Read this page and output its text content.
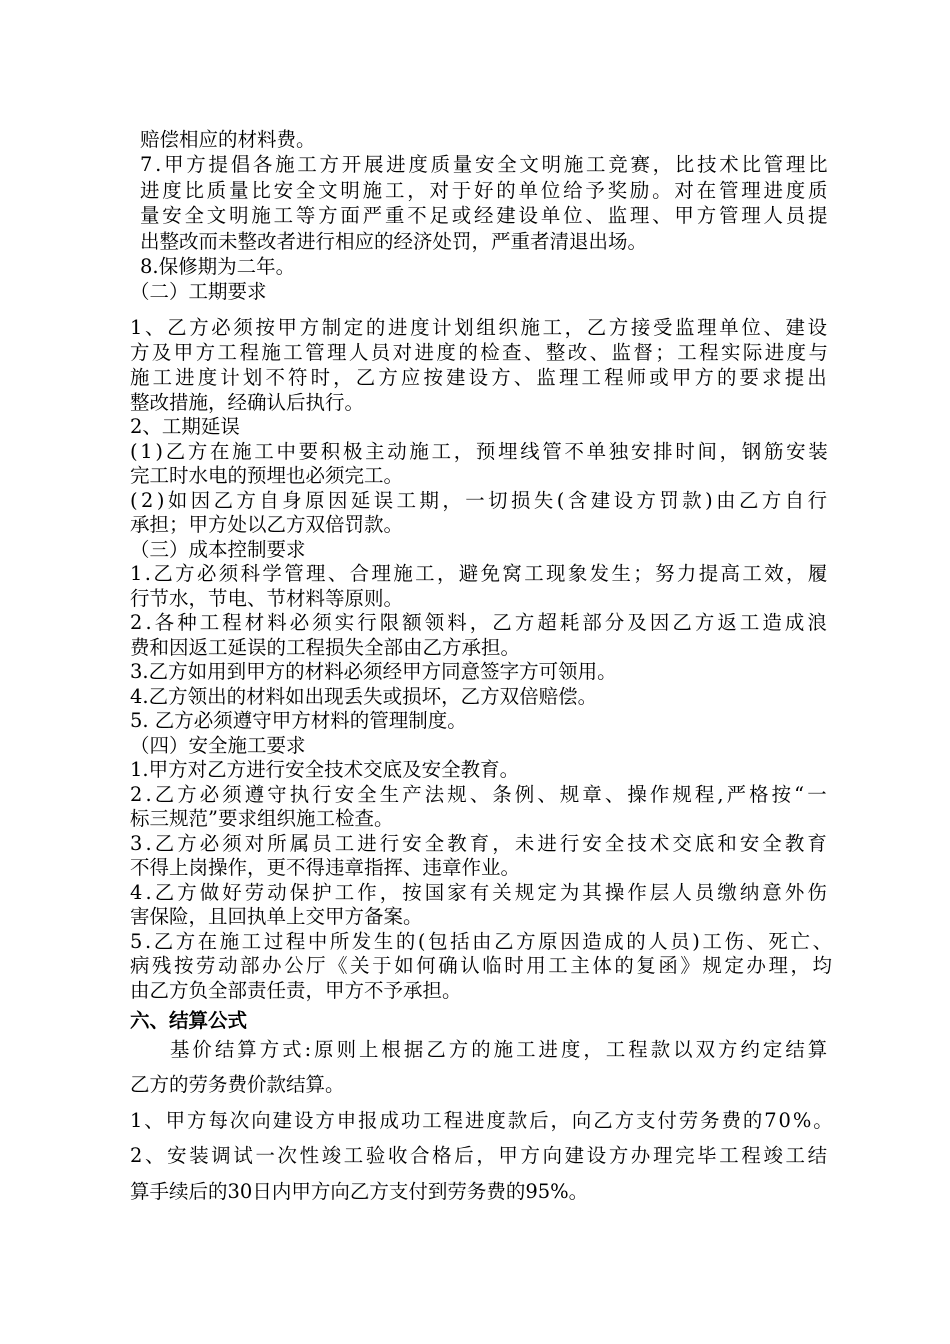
赔偿相应的材料费。
7.甲方提倡各施工方开展进度质量安全文明施工竞赛，比技术比管理比
进度比质量比安全文明施工，对于好的单位给予奖励。对在管理进度质
量安全文明施工等方面严重不足或经建设单位、监理、甲方管理人员提
出整改而未整改者进行相应的经济处罚，严重者清退出场。
8.保修期为二年。
（二）工期要求
1、乙方必须按甲方制定的进度计划组织施工，乙方接受监理单位、建设
方及甲方工程施工管理人员对进度的检查、整改、监督；工程实际进度与
施工进度计划不符时，乙方应按建设方、监理工程师或甲方的要求提出
整改措施，经确认后执行。
2、工期延误
(1)乙方在施工中要积极主动施工，预埋线管不单独安排时间，钢筋安装
完工时水电的预埋也必须完工。
(2)如因乙方自身原因延误工期，一切损失(含建设方罚款)由乙方自行
承担；甲方处以乙方双倍罚款。
（三）成本控制要求
1.乙方必须科学管理、合理施工，避免窝工现象发生；努力提高工效，履
行节水，节电、节材料等原则。
2.各种工程材料必须实行限额领料，乙方超耗部分及因乙方返工造成浪
费和因返工延误的工程损失全部由乙方承担。
3.乙方如用到甲方的材料必须经甲方同意签字方可领用。
4.乙方领出的材料如出现丢失或损坏，乙方双倍赔偿。
5. 乙方必须遵守甲方材料的管理制度。
（四）安全施工要求
1.甲方对乙方进行安全技术交底及安全教育。
2.乙方必须遵守执行安全生产法规、条例、规章、操作规程,严格按“一
标三规范”要求组织施工检查。
3.乙方必须对所属员工进行安全教育，未进行安全技术交底和安全教育
不得上岗操作，更不得违章指挥、违章作业。
4.乙方做好劳动保护工作，按国家有关规定为其操作层人员缴纳意外伤
害保险，且回执单上交甲方备案。
5.乙方在施工过程中所发生的(包括由乙方原因造成的人员)工伤、死亡、
病残按劳动部办公厅《关于如何确认临时用工主体的复函》规定办理，均
由乙方负全部责任责，甲方不予承担。
六、结算公式
基价结算方式:原则上根据乙方的施工进度，工程款以双方约定结算
乙方的劳务费价款结算。
1、甲方每次向建设方申报成功工程进度款后，向乙方支付劳务费的70%。
2、安装调试一次性竣工验收合格后，甲方向建设方办理完毕工程竣工结
算手续后的30日内甲方向乙方支付到劳务费的95%。
